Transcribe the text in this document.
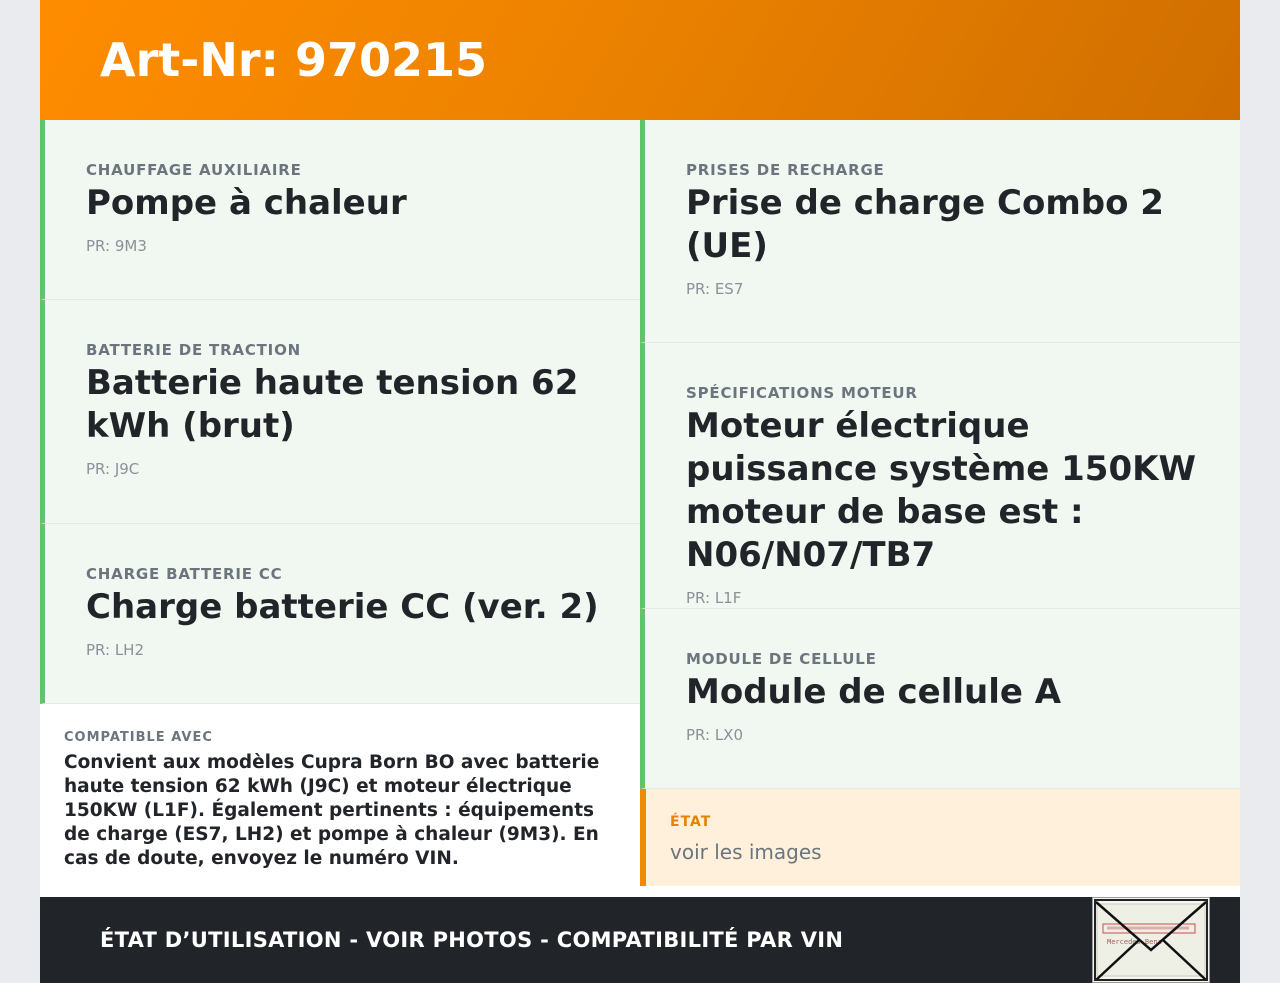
Art-Nr: 970215
CHAUFFAGE AUXILIAIRE
Pompe à chaleur
PR: 9M3
BATTERIE DE TRACTION
Batterie haute tension 62 kWh (brut)
PR: J9C
CHARGE BATTERIE CC
Charge batterie CC (ver. 2)
PR: LH2
COMPATIBLE AVEC
Convient aux modèles Cupra Born BO avec batterie haute tension 62 kWh (J9C) et moteur électrique 150KW (L1F). Également pertinents : équipements de charge (ES7, LH2) et pompe à chaleur (9M3). En cas de doute, envoyez le numéro VIN.
PRISES DE RECHARGE
Prise de charge Combo 2 (UE)
PR: ES7
SPÉCIFICATIONS MOTEUR
Moteur électrique puissance système 150KW moteur de base est : N06/N07/TB7
PR: L1F
MODULE DE CELLULE
Module de cellule A
PR: LX0
ÉTAT
voir les images
ÉTAT D’UTILISATION - VOIR PHOTOS - COMPATIBILITÉ PAR VIN	Mercedes-Benz
